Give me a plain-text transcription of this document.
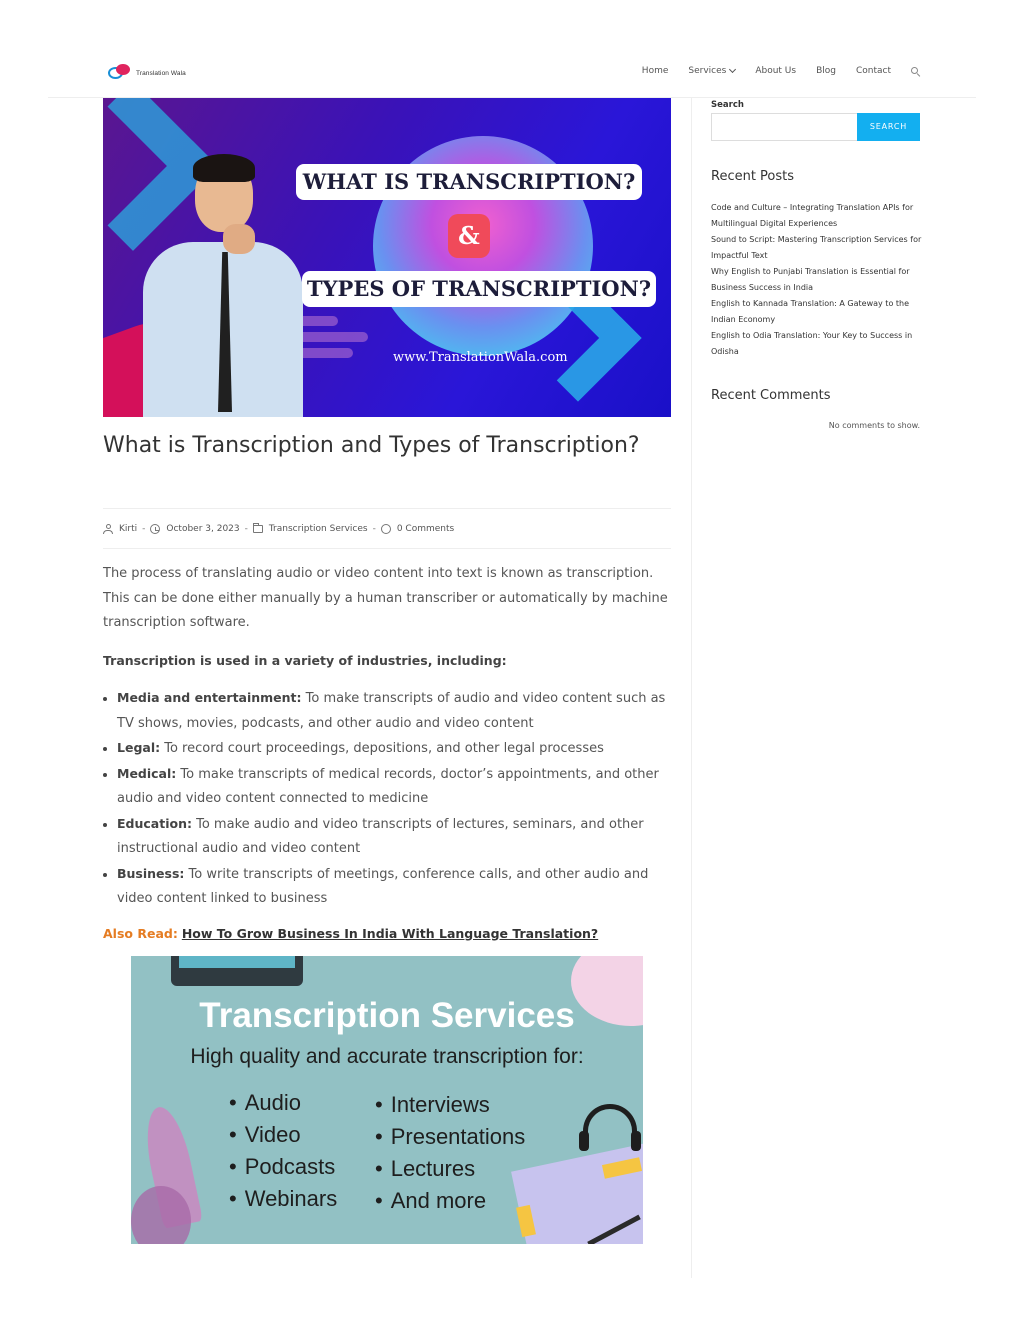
Translation Wala	Home Services	About Us Blog Contact
WHAT IS TRANSCRIPTION?
&
TYPES OF TRANSCRIPTION?
www.TranslationWala.com
What is Transcription and Types of Transcription?
Kirti - October 3, 2023 - Transcription Services - 0 Comments

The process of translating audio or video content into text is known as transcription. This can be done either manually by a human transcriber or automatically by machine transcription software.

Transcription is used in a variety of industries, including:

Media and entertainment: To make transcripts of audio and video content such as TV shows, movies, podcasts, and other audio and video content
Legal: To record court proceedings, depositions, and other legal processes
Medical: To make transcripts of medical records, doctor’s appointments, and other audio and video content connected to medicine
Education: To make audio and video transcripts of lectures, seminars, and other instructional audio and video content
Business: To write transcripts of meetings, conference calls, and other audio and video content linked to business
Also Read: How To Grow Business In India With Language Translation?
Transcription Services
High quality and accurate transcription for:
• Audio
• Video
• Podcasts
• Webinars
• Interviews
• Presentations
• Lectures
• And more
Search
SEARCH
Recent Posts
Code and Culture – Integrating Translation APIs for Multilingual Digital Experiences
Sound to Script: Mastering Transcription Services for Impactful Text
Why English to Punjabi Translation is Essential for Business Success in India
English to Kannada Translation: A Gateway to the Indian Economy
English to Odia Translation: Your Key to Success in Odisha
Recent Comments
No comments to show.
